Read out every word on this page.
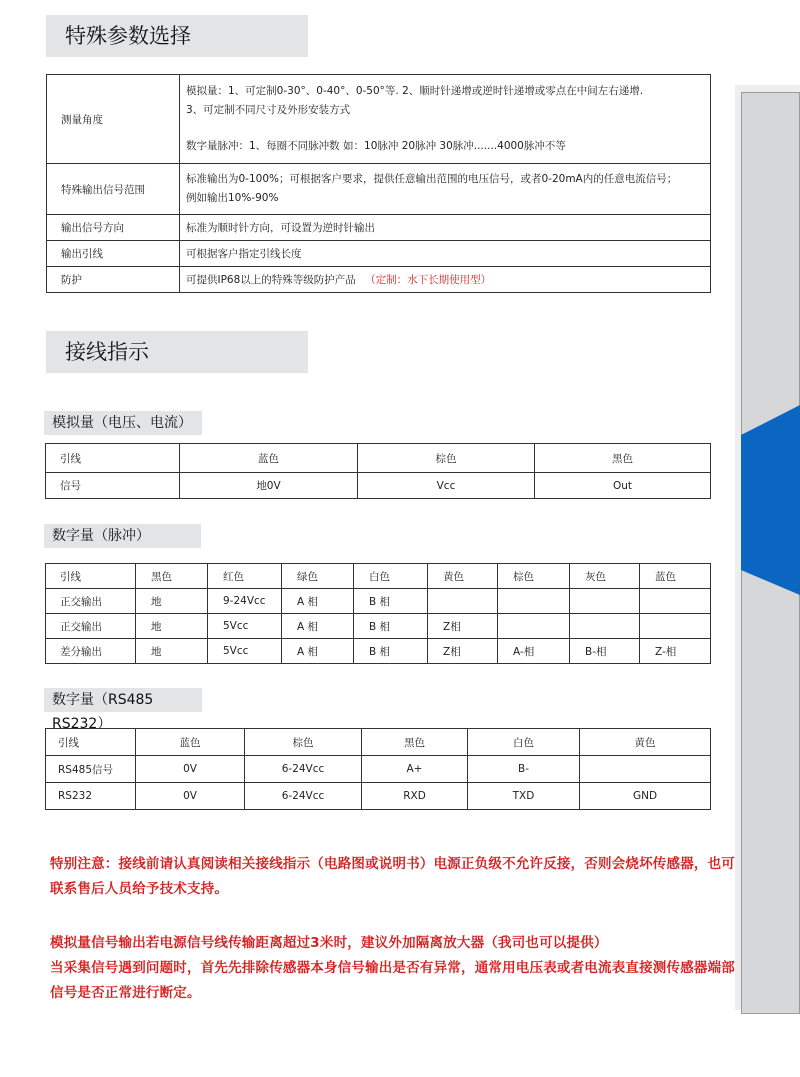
特殊参数选择
测量角度	模拟量：1、可定制0-30°、0-40°、0-50°等. 2、顺时针递增或逆时针递增或零点在中间左右递增.
3、可定制不同尺寸及外形安装方式
数字量脉冲：1、每圈不同脉冲数 如：10脉冲 20脉冲 30脉冲.......4000脉冲不等

特殊输出信号范围	标准输出为0-100%；可根据客户要求，提供任意输出范围的电压信号，或者0-20mA内的任意电流信号；
例如输出10%-90%

输出信号方向	标准为顺时针方向，可设置为逆时针输出
输出引线	可根据客户指定引线长度
防护	可提供IP68以上的特殊等级防护产品 （定制：水下长期使用型）
接线指示
模拟量（电压、电流）
引线	蓝色	棕色	黑色
信号	地0V	Vcc	Out
数字量（脉冲）
引线	黑色	红色	绿色	白色	黄色	棕色	灰色	蓝色
正交输出	地	9-24Vcc	A 相	B 相				
正交输出	地	5Vcc	A 相	B 相	Z相			
差分输出	地	5Vcc	A 相	B 相	Z相	A-相	B-相	Z-相
数字量（RS485 RS232）
引线	蓝色	棕色	黑色	白色	黄色
RS485信号	0V	6-24Vcc	A+	B-	
RS232	0V	6-24Vcc	RXD	TXD	GND

特别注意：接线前请认真阅读相关接线指示（电路图或说明书）电源正负级不允许反接，否则会烧坏传感器，也可联系售后人员给予技术支持。

模拟量信号输出若电源信号线传输距离超过3米时，建议外加隔离放大器（我司也可以提供）

当采集信号遇到问题时，首先先排除传感器本身信号输出是否有异常，通常用电压表或者电流表直接测传感器端部信号是否正常进行断定。
